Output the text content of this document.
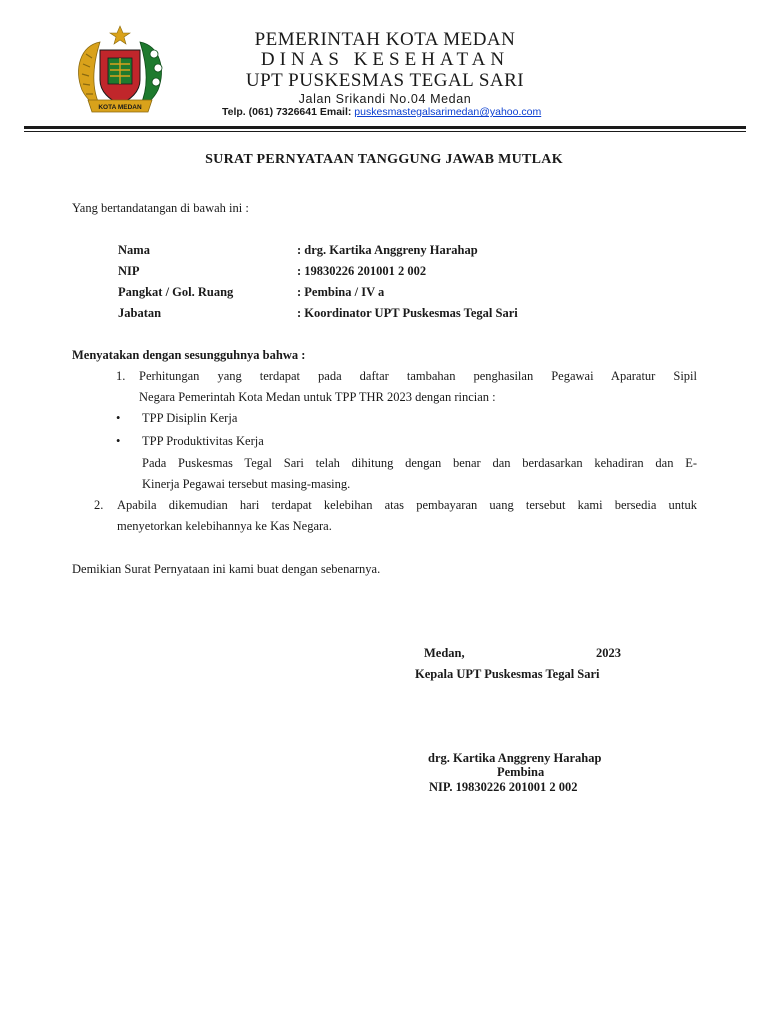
KOTA MEDAN
PEMERINTAH KOTA MEDAN
DINAS KESEHATAN
UPT PUSKESMAS TEGAL SARI
Jalan Srikandi No.04 Medan
Telp. (061) 7326641 Email: puskesmastegalsarimedan@yahoo.com
SURAT PERNYATAAN TANGGUNG JAWAB MUTLAK
Yang bertandatangan di bawah ini :
Nama	: drg. Kartika Anggreny Harahap
NIP	: 19830226 201001 2 002
Pangkat / Gol. Ruang	: Pembina / IV a
Jabatan	: Koordinator UPT Puskesmas Tegal Sari
Menyatakan dengan sesungguhnya bahwa :
1. Perhitungan yang terdapat pada daftar tambahan penghasilan Pegawai Aparatur Sipil
Negara Pemerintah Kota Medan untuk TPP THR 2023 dengan rincian :
• TPP Disiplin Kerja
• TPP Produktivitas Kerja
Pada Puskesmas Tegal Sari telah dihitung dengan benar dan berdasarkan kehadiran dan E-
Kinerja Pegawai tersebut masing-masing.
2. Apabila dikemudian hari terdapat kelebihan atas pembayaran uang tersebut kami bersedia untuk
menyetorkan kelebihannya ke Kas Negara.
Demikian Surat Pernyataan ini kami buat dengan sebenarnya.
Medan,	2023
Kepala UPT Puskesmas Tegal Sari
drg. Kartika Anggreny Harahap
Pembina
NIP. 19830226 201001 2 002
